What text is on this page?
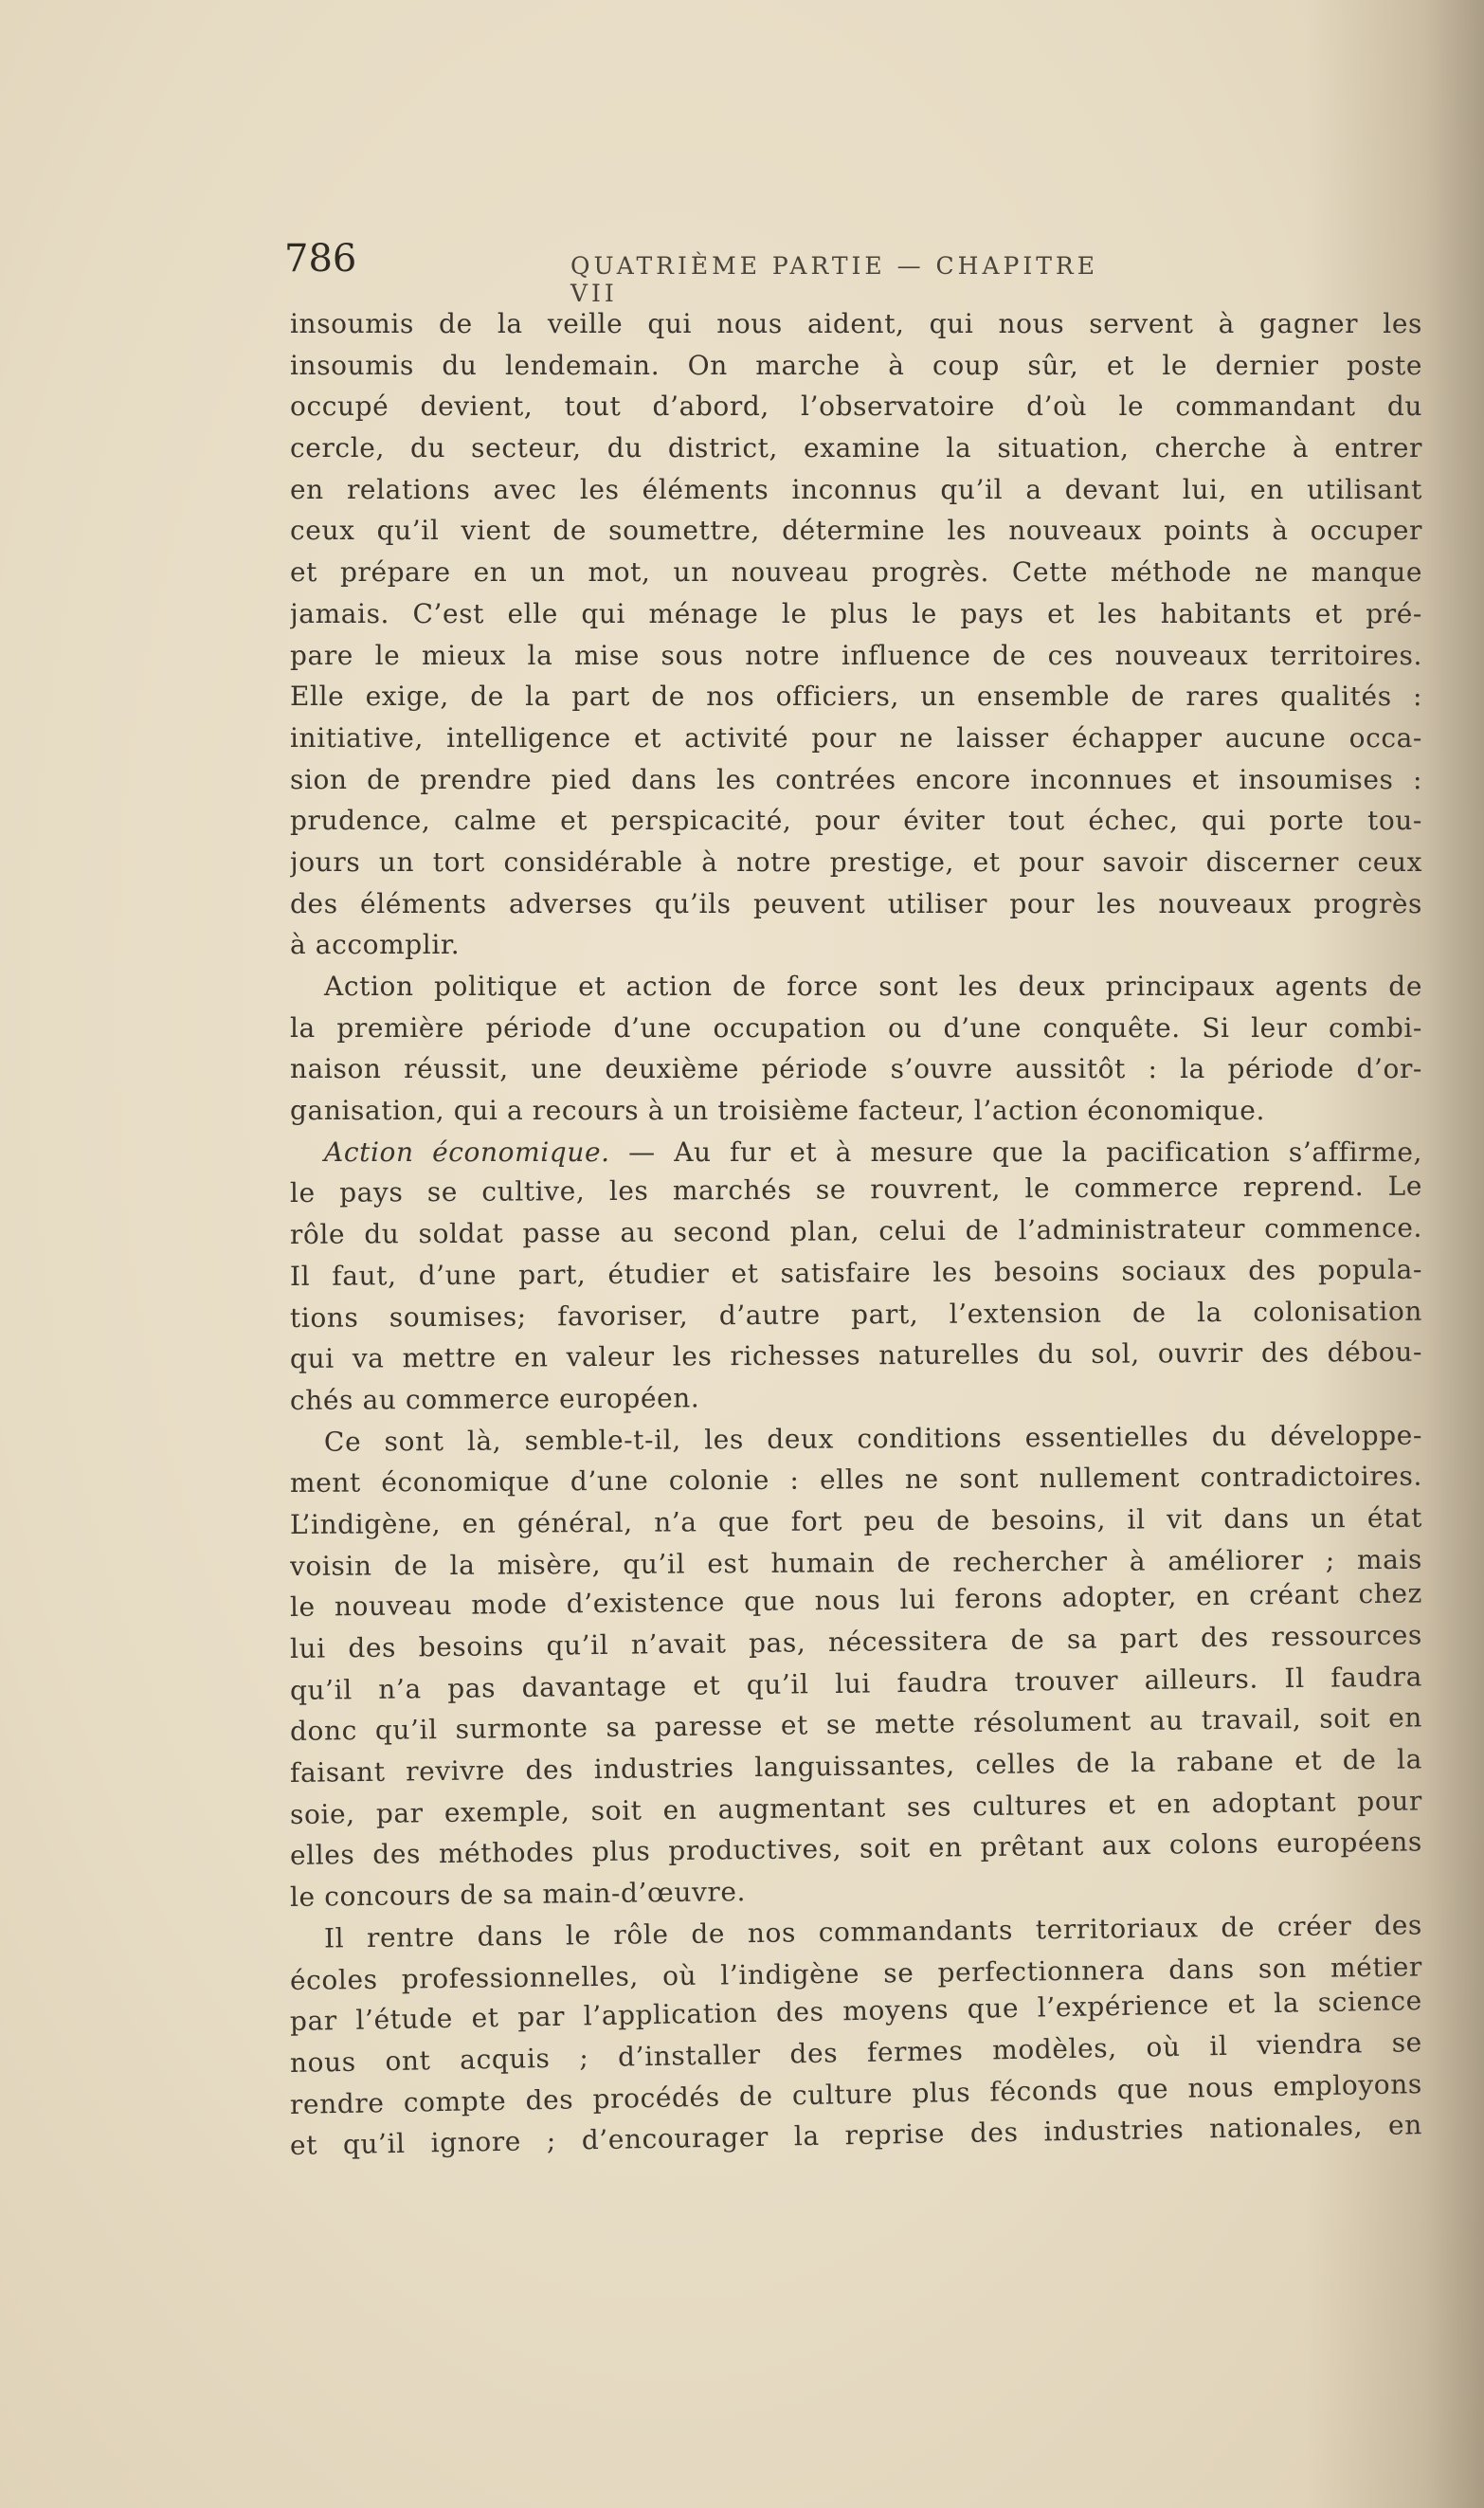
786	QUATRIÈME PARTIE — CHAPITRE VII
insoumis de la veille qui nous aident, qui nous servent à gagner les
insoumis du lendemain. On marche à coup sûr, et le dernier poste
occupé devient, tout d’abord, l’observatoire d’où le commandant du
cercle, du secteur, du district, examine la situation, cherche à entrer
en relations avec les éléments inconnus qu’il a devant lui, en utilisant
ceux qu’il vient de soumettre, détermine les nouveaux points à occuper
et prépare en un mot, un nouveau progrès. Cette méthode ne manque
jamais. C’est elle qui ménage le plus le pays et les habitants et pré-
pare le mieux la mise sous notre influence de ces nouveaux territoires.
Elle exige, de la part de nos officiers, un ensemble de rares qualités :
initiative, intelligence et activité pour ne laisser échapper aucune occa-
sion de prendre pied dans les contrées encore inconnues et insoumises :
prudence, calme et perspicacité, pour éviter tout échec, qui porte tou-
jours un tort considérable à notre prestige, et pour savoir discerner ceux
des éléments adverses qu’ils peuvent utiliser pour les nouveaux progrès
à accomplir.
Action politique et action de force sont les deux principaux agents de
la première période d’une occupation ou d’une conquête. Si leur combi-
naison réussit, une deuxième période s’ouvre aussitôt : la période d’or-
ganisation, qui a recours à un troisième facteur, l’action économique.
Action économique. — Au fur et à mesure que la pacification s’affirme,
le pays se cultive, les marchés se rouvrent, le commerce reprend. Le
rôle du soldat passe au second plan, celui de l’administrateur commence.
Il faut, d’une part, étudier et satisfaire les besoins sociaux des popula-
tions soumises; favoriser, d’autre part, l’extension de la colonisation
qui va mettre en valeur les richesses naturelles du sol, ouvrir des débou-
chés au commerce européen.
Ce sont là, semble-t-il, les deux conditions essentielles du développe-
ment économique d’une colonie : elles ne sont nullement contradictoires.
L’indigène, en général, n’a que fort peu de besoins, il vit dans un état
voisin de la misère, qu’il est humain de rechercher à améliorer ; mais
le nouveau mode d’existence que nous lui ferons adopter, en créant chez
lui des besoins qu’il n’avait pas, nécessitera de sa part des ressources
qu’il n’a pas davantage et qu’il lui faudra trouver ailleurs. Il faudra
donc qu’il surmonte sa paresse et se mette résolument au travail, soit en
faisant revivre des industries languissantes, celles de la rabane et de la
soie, par exemple, soit en augmentant ses cultures et en adoptant pour
elles des méthodes plus productives, soit en prêtant aux colons européens
le concours de sa main-d’œuvre.
Il rentre dans le rôle de nos commandants territoriaux de créer des
écoles professionnelles, où l’indigène se perfectionnera dans son métier
par l’étude et par l’application des moyens que l’expérience et la science
nous ont acquis ; d’installer des fermes modèles, où il viendra se
rendre compte des procédés de culture plus féconds que nous employons
et qu’il ignore ; d’encourager la reprise des industries nationales, en
